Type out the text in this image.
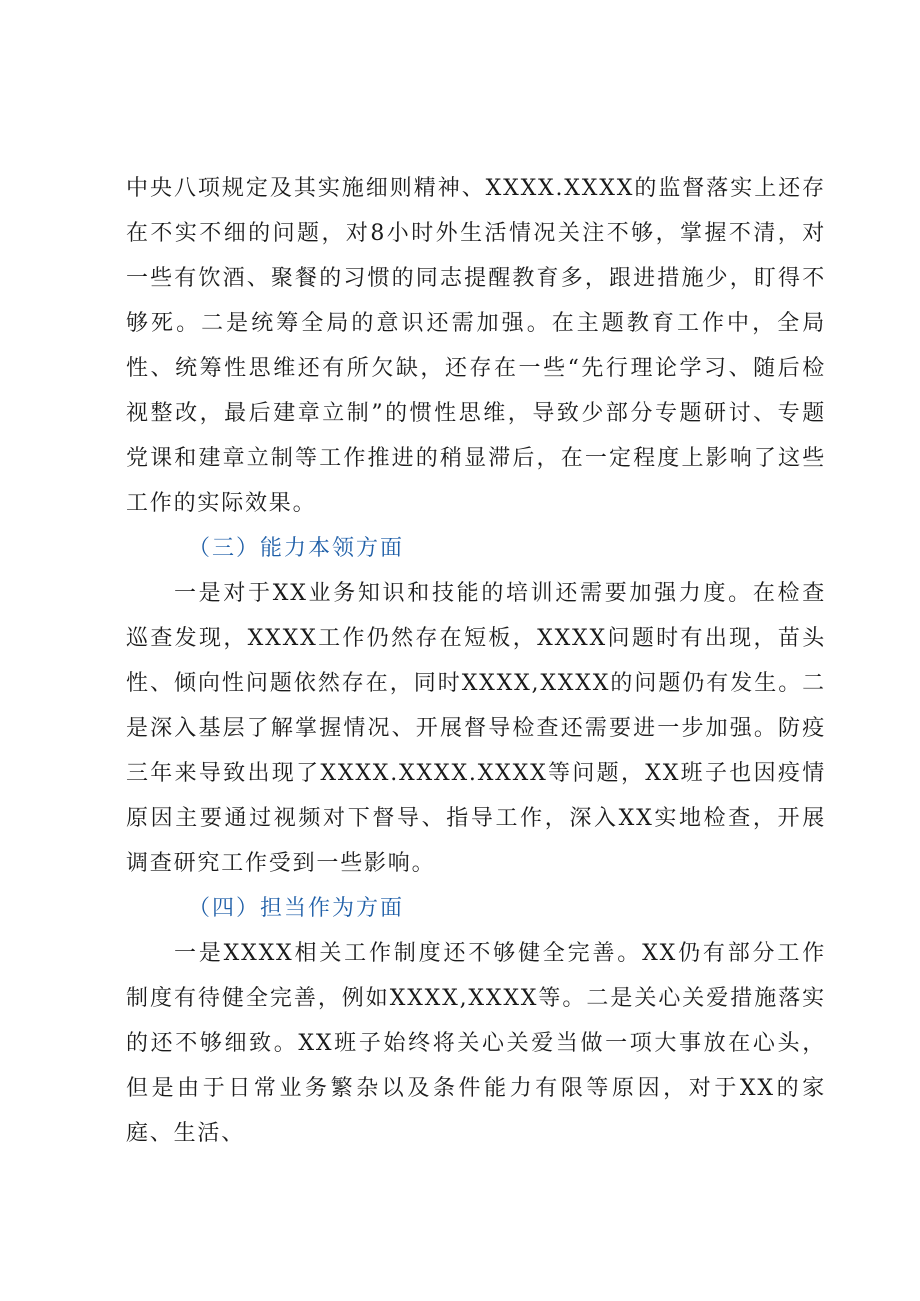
中央八项规定及其实施细则精神、XXXX.XXXX的监督落实上还存在不实不细的问题，对8小时外生活情况关注不够，掌握不清，对一些有饮酒、聚餐的习惯的同志提醒教育多，跟进措施少，盯得不够死。二是统筹全局的意识还需加强。在主题教育工作中，全局性、统筹性思维还有所欠缺，还存在一些“先行理论学习、随后检视整改，最后建章立制”的惯性思维，导致少部分专题研讨、专题党课和建章立制等工作推进的稍显滞后，在一定程度上影响了这些工作的实际效果。

（三）能力本领方面

一是对于XX业务知识和技能的培训还需要加强力度。在检查巡查发现，XXXX工作仍然存在短板，XXXX问题时有出现，苗头性、倾向性问题依然存在，同时XXXX,XXXX的问题仍有发生。二是深入基层了解掌握情况、开展督导检查还需要进一步加强。防疫三年来导致出现了XXXX.XXXX.XXXX等问题，XX班子也因疫情原因主要通过视频对下督导、指导工作，深入XX实地检查，开展调查研究工作受到一些影响。

（四）担当作为方面

一是XXXX相关工作制度还不够健全完善。XX仍有部分工作制度有待健全完善，例如XXXX,XXXX等。二是关心关爱措施落实的还不够细致。XX班子始终将关心关爱当做一项大事放在心头，但是由于日常业务繁杂以及条件能力有限等原因，对于XX的家庭、生活、
